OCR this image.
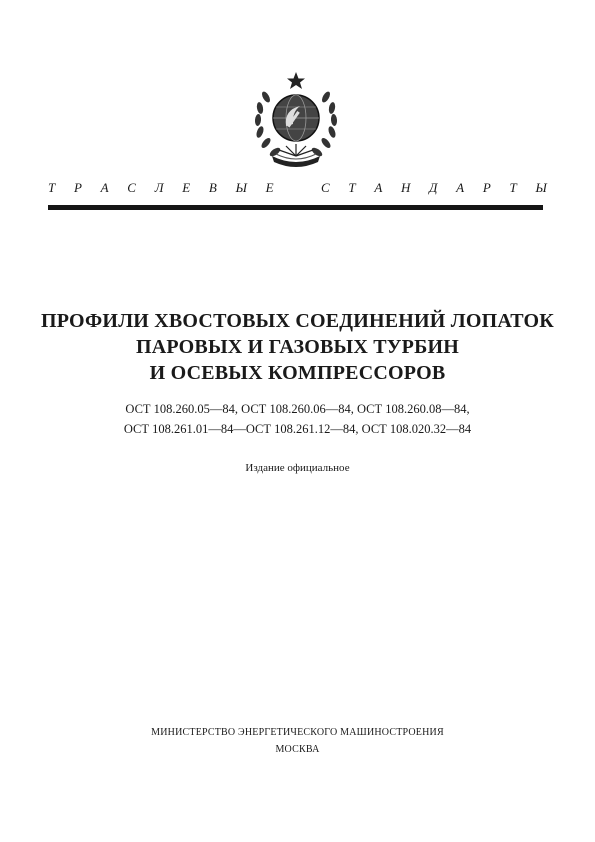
Т Р А С Л Е В Ы Е	С Т А Н Д А Р Т Ы
ПРОФИЛИ ХВОСТОВЫХ СОЕДИНЕНИЙ ЛОПАТОК
ПАРОВЫХ И ГАЗОВЫХ ТУРБИН
И ОСЕВЫХ КОМПРЕССОРОВ
ОСТ 108.260.05—84, ОСТ 108.260.06—84, ОСТ 108.260.08—84,
ОСТ 108.261.01—84—ОСТ 108.261.12—84, ОСТ 108.020.32—84
Издание официальное
МИНИСТЕРСТВО ЭНЕРГЕТИЧЕСКОГО МАШИНОСТРОЕНИЯ
МОСКВА
